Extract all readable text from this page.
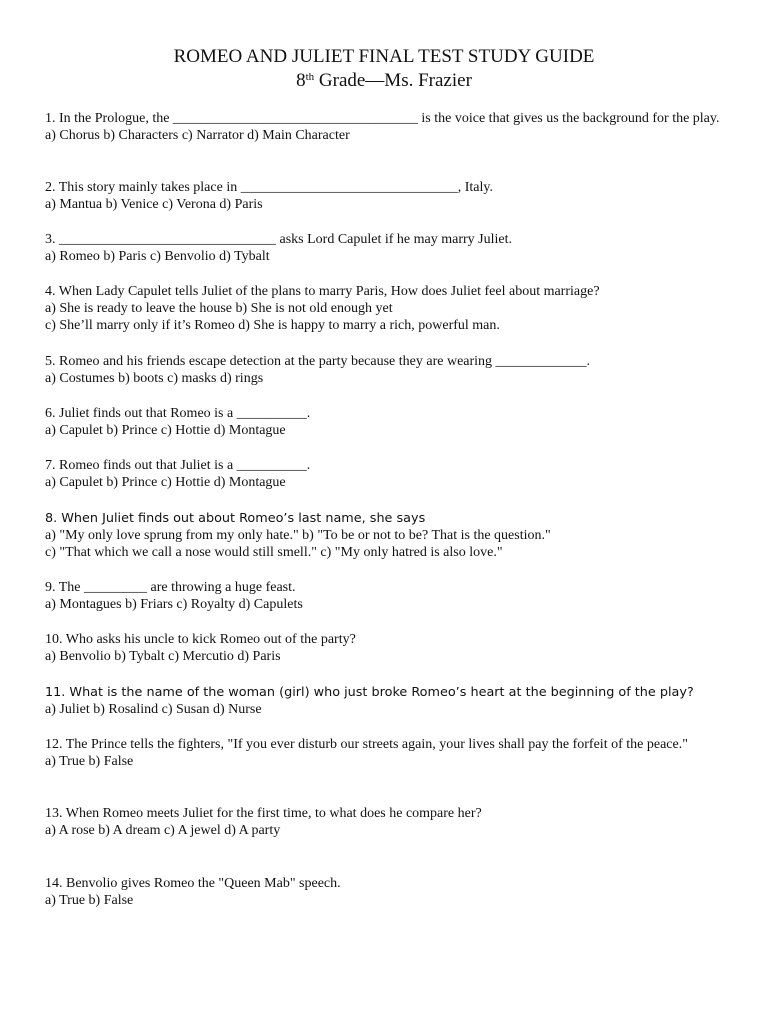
ROMEO AND JULIET FINAL TEST STUDY GUIDE
8th Grade—Ms. Frazier
1. In the Prologue, the ___________________________________ is the voice that gives us the background for the play.
a) Chorus b) Characters c) Narrator d) Main Character
2. This story mainly takes place in _______________________________, Italy.
a) Mantua b) Venice c) Verona d) Paris
3. _______________________________ asks Lord Capulet if he may marry Juliet.
a) Romeo b) Paris c) Benvolio d) Tybalt
4. When Lady Capulet tells Juliet of the plans to marry Paris, How does Juliet feel about marriage?
a) She is ready to leave the house b) She is not old enough yet
c) She’ll marry only if it’s Romeo d) She is happy to marry a rich, powerful man.
5. Romeo and his friends escape detection at the party because they are wearing _____________.
a) Costumes b) boots c) masks d) rings
6. Juliet finds out that Romeo is a __________.
a) Capulet b) Prince c) Hottie d) Montague
7. Romeo finds out that Juliet is a __________.
a) Capulet b) Prince c) Hottie d) Montague
8. When Juliet finds out about Romeo’s last name, she says
a) "My only love sprung from my only hate." b) "To be or not to be? That is the question."
c) "That which we call a nose would still smell." c) "My only hatred is also love."
9. The _________ are throwing a huge feast.
a) Montagues b) Friars c) Royalty d) Capulets
10. Who asks his uncle to kick Romeo out of the party?
a) Benvolio b) Tybalt c) Mercutio d) Paris
11. What is the name of the woman (girl) who just broke Romeo’s heart at the beginning of the play?
a) Juliet b) Rosalind c) Susan d) Nurse
12. The Prince tells the fighters, "If you ever disturb our streets again, your lives shall pay the forfeit of the peace."
a) True b) False
13. When Romeo meets Juliet for the first time, to what does he compare her?
a) A rose b) A dream c) A jewel d) A party
14. Benvolio gives Romeo the "Queen Mab" speech.
a) True b) False
